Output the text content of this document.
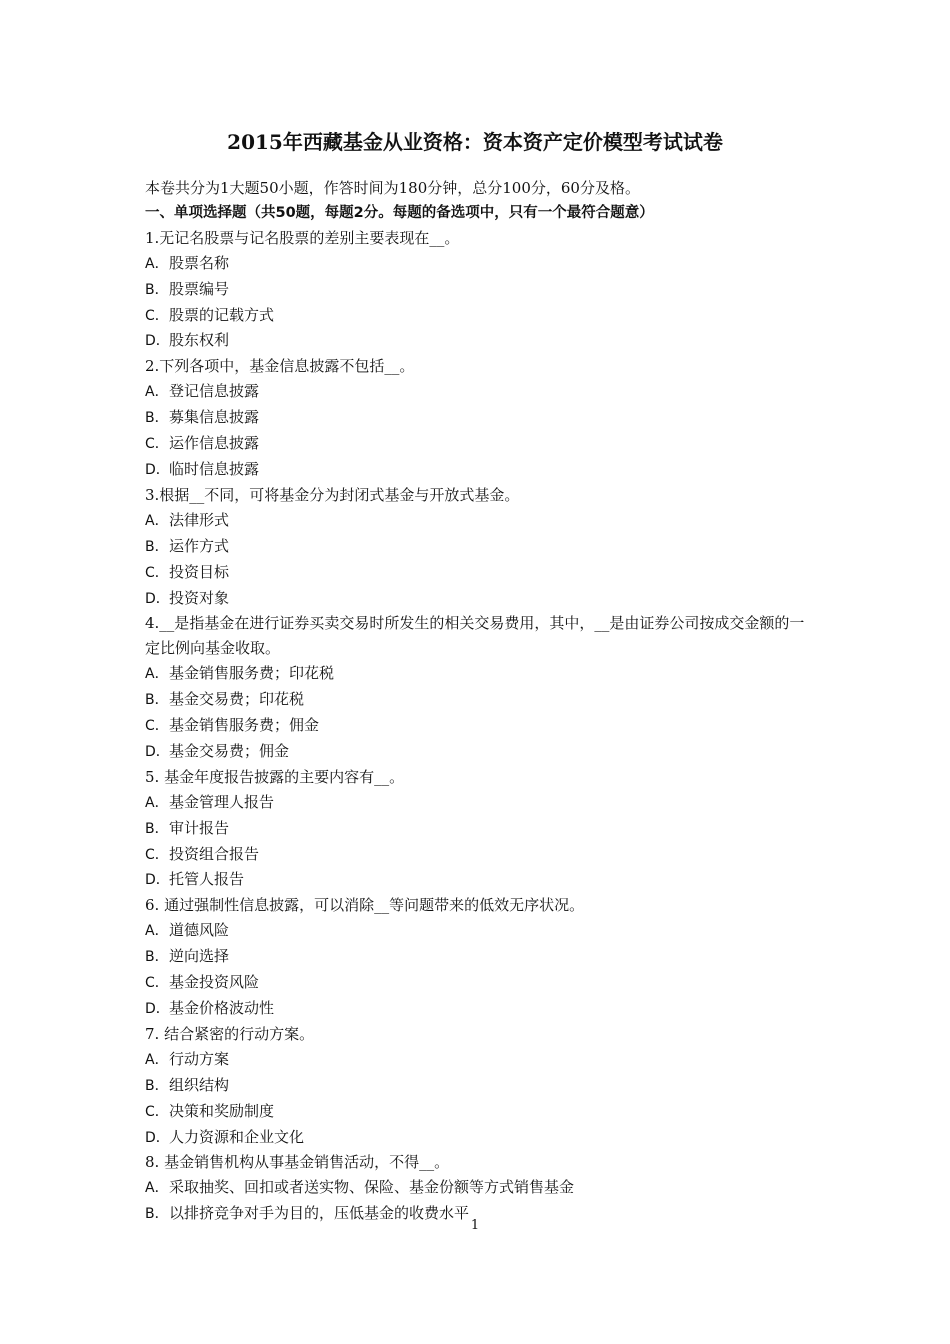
2015年西藏基金从业资格：资本资产定价模型考试试卷
本卷共分为1大题50小题，作答时间为180分钟，总分100分，60分及格。
一、单项选择题（共50题，每题2分。每题的备选项中，只有一个最符合题意）
1.无记名股票与记名股票的差别主要表现在__。
A．股票名称
B．股票编号
C．股票的记载方式
D．股东权利
2.下列各项中，基金信息披露不包括__。
A．登记信息披露
B．募集信息披露
C．运作信息披露
D．临时信息披露
3.根据__不同，可将基金分为封闭式基金与开放式基金。
A．法律形式
B．运作方式
C．投资目标
D．投资对象
4.__是指基金在进行证券买卖交易时所发生的相关交易费用，其中，__是由证券公司按成交金额的一定比例向基金收取。
A．基金销售服务费；印花税
B．基金交易费；印花税
C．基金销售服务费；佣金
D．基金交易费；佣金
5. 基金年度报告披露的主要内容有__。
A．基金管理人报告
B．审计报告
C．投资组合报告
D．托管人报告
6. 通过强制性信息披露，可以消除__等问题带来的低效无序状况。
A．道德风险
B．逆向选择
C．基金投资风险
D．基金价格波动性
7. 结合紧密的行动方案。
A．行动方案
B．组织结构
C．决策和奖励制度
D．人力资源和企业文化
8. 基金销售机构从事基金销售活动，不得__。
A．采取抽奖、回扣或者送实物、保险、基金份额等方式销售基金
B．以排挤竞争对手为目的，压低基金的收费水平
1
